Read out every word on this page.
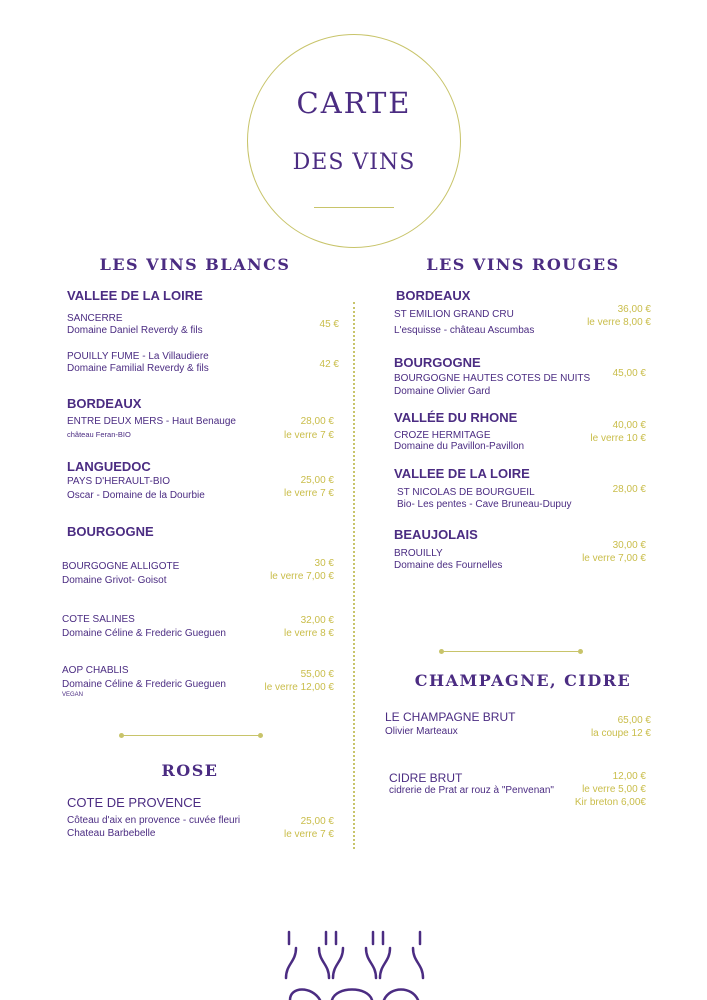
CARTE
DES VINS
LES VINS BLANCS
VALLEE DE LA LOIRE
SANCERRE
Domaine Daniel Reverdy & fils
45 €
POUILLY FUME - La Villaudiere
Domaine Familial Reverdy & fils	42 €
BORDEAUX
ENTRE DEUX MERS - Haut Benauge
château Feran-BIO
28,00 €
le verre 7 €
LANGUEDOC
PAYS D'HERAULT-BIO
Oscar - Domaine de la Dourbie
25,00 €
le verre 7 €
BOURGOGNE
BOURGOGNE ALLIGOTE
Domaine Grivot- Goisot
30 €
le verre 7,00 €
COTE SALINES
Domaine Céline & Frederic Gueguen
32,00 €
le verre 8 €
AOP CHABLIS
Domaine Céline & Frederic Gueguen
VEGAN
55,00 €
le verre 12,00 €
ROSE
COTE DE PROVENCE
Côteau d'aix en provence - cuvée fleuri
Chateau Barbebelle
25,00 €
le verre 7 €
LES VINS ROUGES
BORDEAUX
ST EMILION GRAND CRU
L'esquisse - château Ascumbas
36,00 €
le verre 8,00 €
BOURGOGNE
BOURGOGNE HAUTES COTES DE NUITS
Domaine Olivier Gard
45,00 €
VALLÉE DU RHONE
CROZE HERMITAGE
Domaine du Pavillon-Pavillon
40,00 €
le verre 10 €
VALLEE DE LA LOIRE
ST NICOLAS DE BOURGUEIL
Bio- Les pentes - Cave Bruneau-Dupuy
28,00 €
BEAUJOLAIS
BROUILLY
Domaine des Fournelles
30,00 €
le verre 7,00 €
CHAMPAGNE, CIDRE
LE CHAMPAGNE BRUT
Olivier Marteaux
65,00 €
la coupe 12 €
CIDRE BRUT
cidrerie de Prat ar rouz à "Penvenan"
12,00 €
le verre 5,00 €
Kir breton 6,00€
